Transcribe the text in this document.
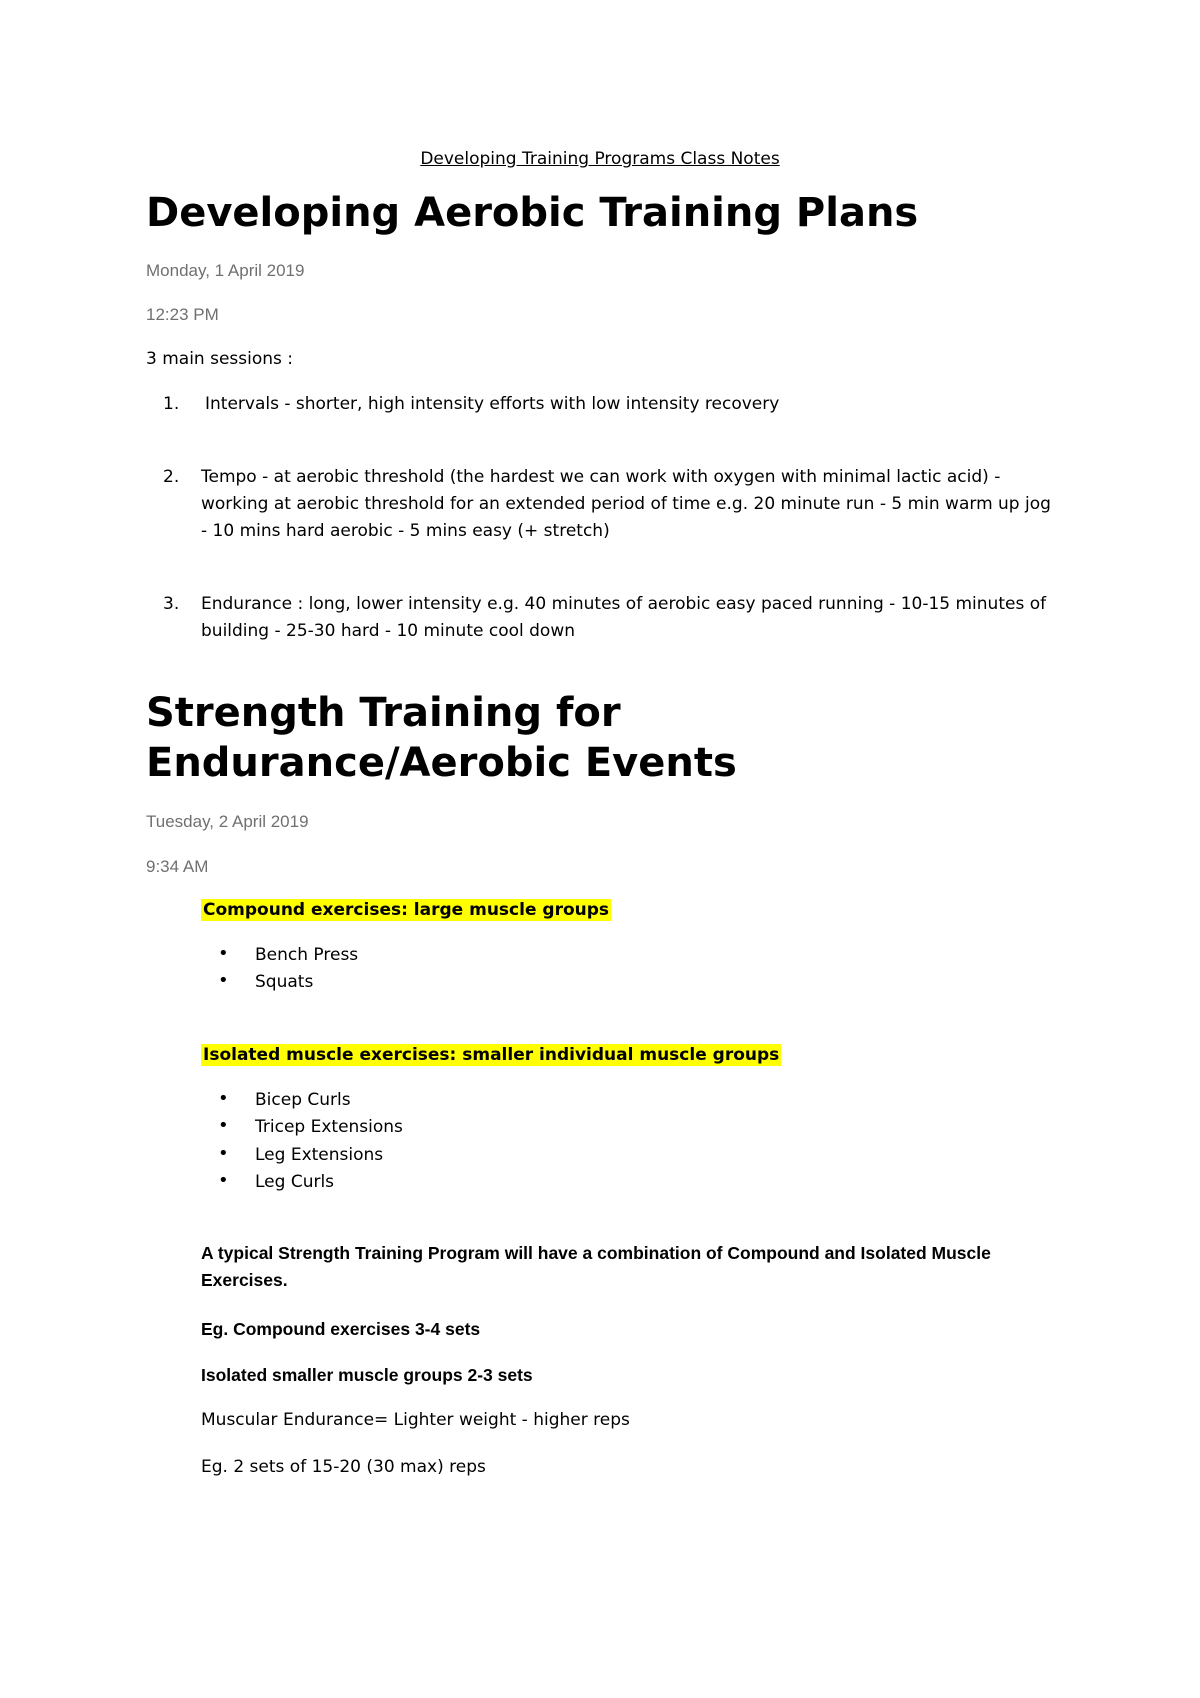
Developing Training Programs Class Notes

Developing Aerobic Training Plans

Monday, 1 April 2019

12:23 PM

3 main sessions :

1. Intervals - shorter, high intensity efforts with low intensity recovery

2. Tempo - at aerobic threshold (the hardest we can work with oxygen with minimal lactic acid) - working at aerobic threshold for an extended period of time e.g. 20 minute run - 5 min warm up jog - 10 mins hard aerobic - 5 mins easy (+ stretch)

3. Endurance : long, lower intensity e.g. 40 minutes of aerobic easy paced running - 10-15 minutes of building - 25-30 hard - 10 minute cool down

Strength Training for Endurance/Aerobic Events

Tuesday, 2 April 2019

9:34 AM

Compound exercises: large muscle groups

• Bench Press

• Squats

Isolated muscle exercises: smaller individual muscle groups

• Bicep Curls

• Tricep Extensions

• Leg Extensions

• Leg Curls

A typical Strength Training Program will have a combination of Compound and Isolated Muscle Exercises.

Eg. Compound exercises 3-4 sets

Isolated smaller muscle groups 2-3 sets

Muscular Endurance= Lighter weight - higher reps

Eg. 2 sets of 15-20 (30 max) reps
